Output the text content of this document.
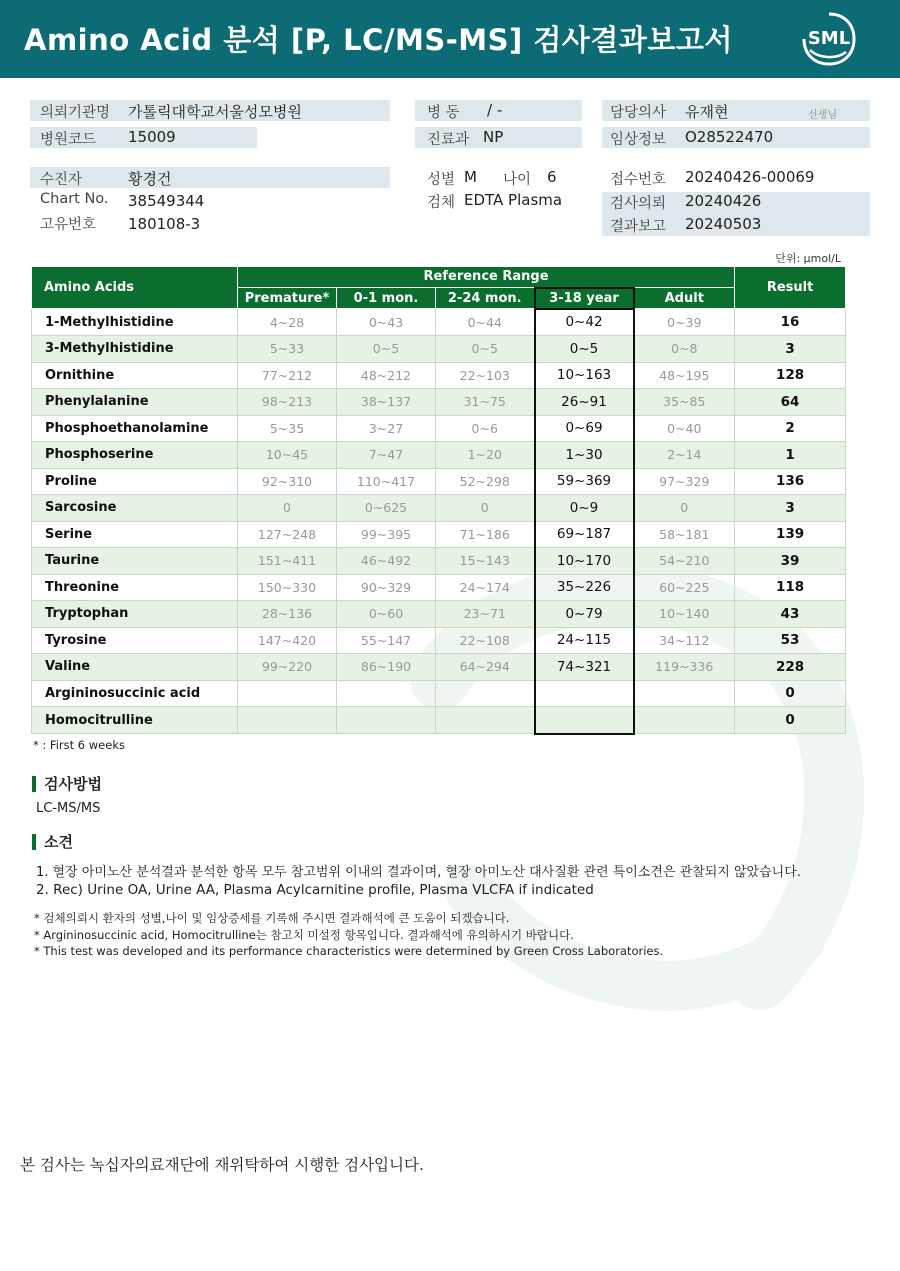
Amino Acid 분석 [P, LC/MS-MS] 검사결과보고서	SML
의뢰기관명 가톨릭대학교서울성모병원
병원코드 15009
병 동 / -
진료과 NP
담당의사 유재현	선생님
임상정보 O28522470
수진자	황경건
Chart No. 38549344
고유번호 180108-3
성별 M 나이 6
검체 EDTA Plasma
접수번호 20240426-00069
검사의뢰 20240426
결과보고 20240503
단위: μmol/L
Amino Acids	Reference Range					Result
	Premature*	0-1 mon.	2-24 mon.	3-18 year	Adult	
1-Methylhistidine	4~28	0~43	0~44	0~42	0~39	16
3-Methylhistidine	5~33	0~5	0~5	0~5	0~8	3
Ornithine	77~212	48~212	22~103	10~163	48~195	128
Phenylalanine	98~213	38~137	31~75	26~91	35~85	64
Phosphoethanolamine	5~35	3~27	0~6	0~69	0~40	2
Phosphoserine	10~45	7~47	1~20	1~30	2~14	1
Proline	92~310	110~417	52~298	59~369	97~329	136
Sarcosine	0	0~625	0	0~9	0	3
Serine	127~248	99~395	71~186	69~187	58~181	139
Taurine	151~411	46~492	15~143	10~170	54~210	39
Threonine	150~330	90~329	24~174	35~226	60~225	118
Tryptophan	28~136	0~60	23~71	0~79	10~140	43
Tyrosine	147~420	55~147	22~108	24~115	34~112	53
Valine	99~220	86~190	64~294	74~321	119~336	228
Argininosuccinic acid						0
Homocitrulline						0
* : First 6 weeks
검사방법
LC-MS/MS
소견
1. 혈장 아미노산 분석결과 분석한 항목 모두 참고범위 이내의 결과이며, 혈장 아미노산 대사질환 관련 특이소견은 관찰되지 않았습니다.
2. Rec) Urine OA, Urine AA, Plasma Acylcarnitine profile, Plasma VLCFA if indicated
* 검체의뢰시 환자의 성별,나이 및 임상증세를 기록해 주시면 결과해석에 큰 도움이 되겠습니다.
* Argininosuccinic acid, Homocitrulline는 참고치 미설정 항목입니다. 결과해석에 유의하시기 바랍니다.
* This test was developed and its performance characteristics were determined by Green Cross Laboratories.
본 검사는 녹십자의료재단에 재위탁하여 시행한 검사입니다.
